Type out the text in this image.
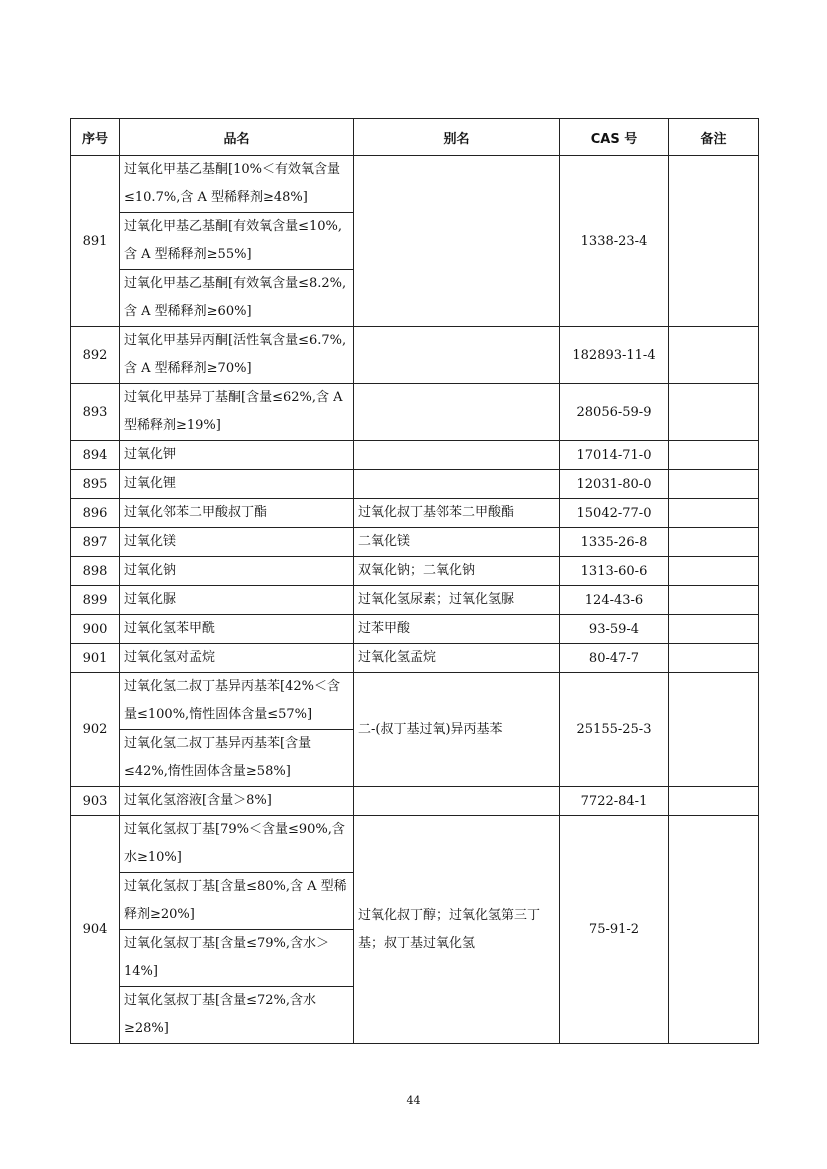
序号	品名	别名	CAS 号	备注
891	过氧化甲基乙基酮[10%＜有效氧含量 ≤10.7%,含 A 型稀释剂≥48%]		1338-23-4	
	过氧化甲基乙基酮[有效氧含量≤10%,含 A 型稀释剂≥55%]			
	过氧化甲基乙基酮[有效氧含量≤8.2%,含 A 型稀释剂≥60%]			
892	过氧化甲基异丙酮[活性氧含量≤6.7%,含 A 型稀释剂≥70%]		182893-11-4	
893	过氧化甲基异丁基酮[含量≤62%,含 A 型稀释剂≥19%]		28056-59-9	
894	过氧化钾		17014-71-0	
895	过氧化锂		12031-80-0	
896	过氧化邻苯二甲酸叔丁酯	过氧化叔丁基邻苯二甲酸酯	15042-77-0	
897	过氧化镁	二氧化镁	1335-26-8	
898	过氧化钠	双氧化钠；二氧化钠	1313-60-6	
899	过氧化脲	过氧化氢尿素；过氧化氢脲	124-43-6	
900	过氧化氢苯甲酰	过苯甲酸	93-59-4	
901	过氧化氢对孟烷	过氧化氢孟烷	80-47-7	
902	过氧化氢二叔丁基异丙基苯[42%＜含量≤100%,惰性固体含量≤57%]	二-(叔丁基过氧)异丙基苯	25155-25-3	
	过氧化氢二叔丁基异丙基苯[含量≤42%,惰性固体含量≥58%]			
903	过氧化氢溶液[含量＞8%]		7722-84-1	
904	过氧化氢叔丁基[79%＜含量≤90%,含水≥10%]	过氧化叔丁醇；过氧化氢第三丁基；叔丁基过氧化氢	75-91-2	
	过氧化氢叔丁基[含量≤80%,含 A 型稀释剂≥20%]			
	过氧化氢叔丁基[含量≤79%,含水＞14%]			
	过氧化氢叔丁基[含量≤72%,含水≥28%]			
44
